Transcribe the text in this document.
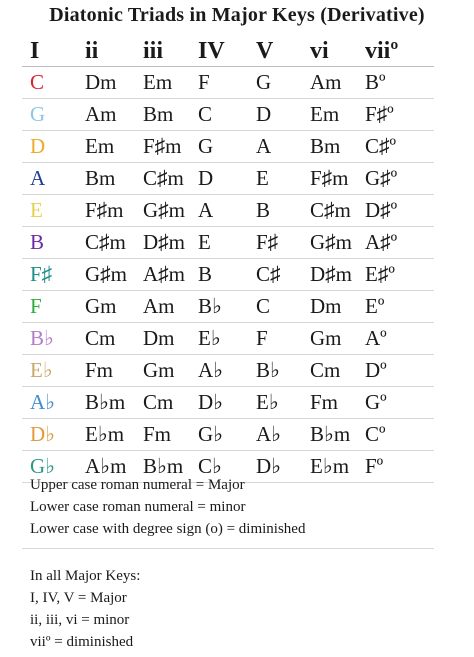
Diatonic Triads in Major Keys (Derivative)
I ii iii IV V vi viiº
C Dm Em F G Am Bº
G Am Bm C D Em F♯º
D Em F♯m G A Bm C♯º
A Bm C♯m D E F♯m G♯º
E F♯m G♯m A B C♯m D♯º
B C♯m D♯m E F♯ G♯m A♯º
F♯ G♯m A♯m B C♯ D♯m E♯º
F Gm Am B♭ C Dm Eº
B♭ Cm Dm E♭ F Gm Aº
E♭ Fm Gm A♭ B♭ Cm Dº
A♭ B♭m Cm D♭ E♭ Fm Gº
D♭ E♭m Fm G♭ A♭ B♭m Cº
G♭ A♭m B♭m C♭ D♭ E♭m Fº
Upper case roman numeral = Major
Lower case roman numeral = minor
Lower case with degree sign (o) = diminished
In all Major Keys:
I, IV, V = Major
ii, iii, vi = minor
viiº = diminished
